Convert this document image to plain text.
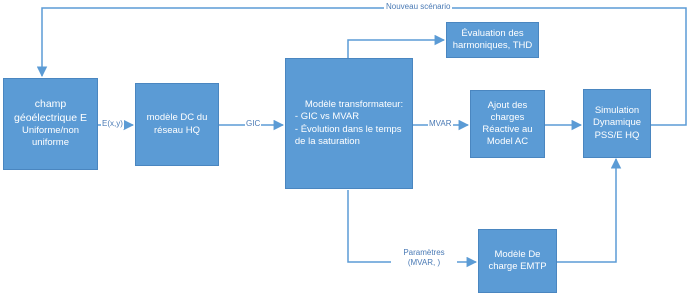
champ
géoélectrique E
Uniforme/non
uniforme
modèle DC du
réseau HQ
Modèle transformateur:
- GIC vs MVAR
- Évolution dans le temps
de la saturation
Évaluation des
harmoniques, THD
Ajout des
charges
Réactive au
Model AC
Simulation
Dynamique
PSS/E HQ
Modèle De
charge EMTP
E(x,y)	GIC	MVAR
Paramètres
(MVAR, )
Nouveau scénario
